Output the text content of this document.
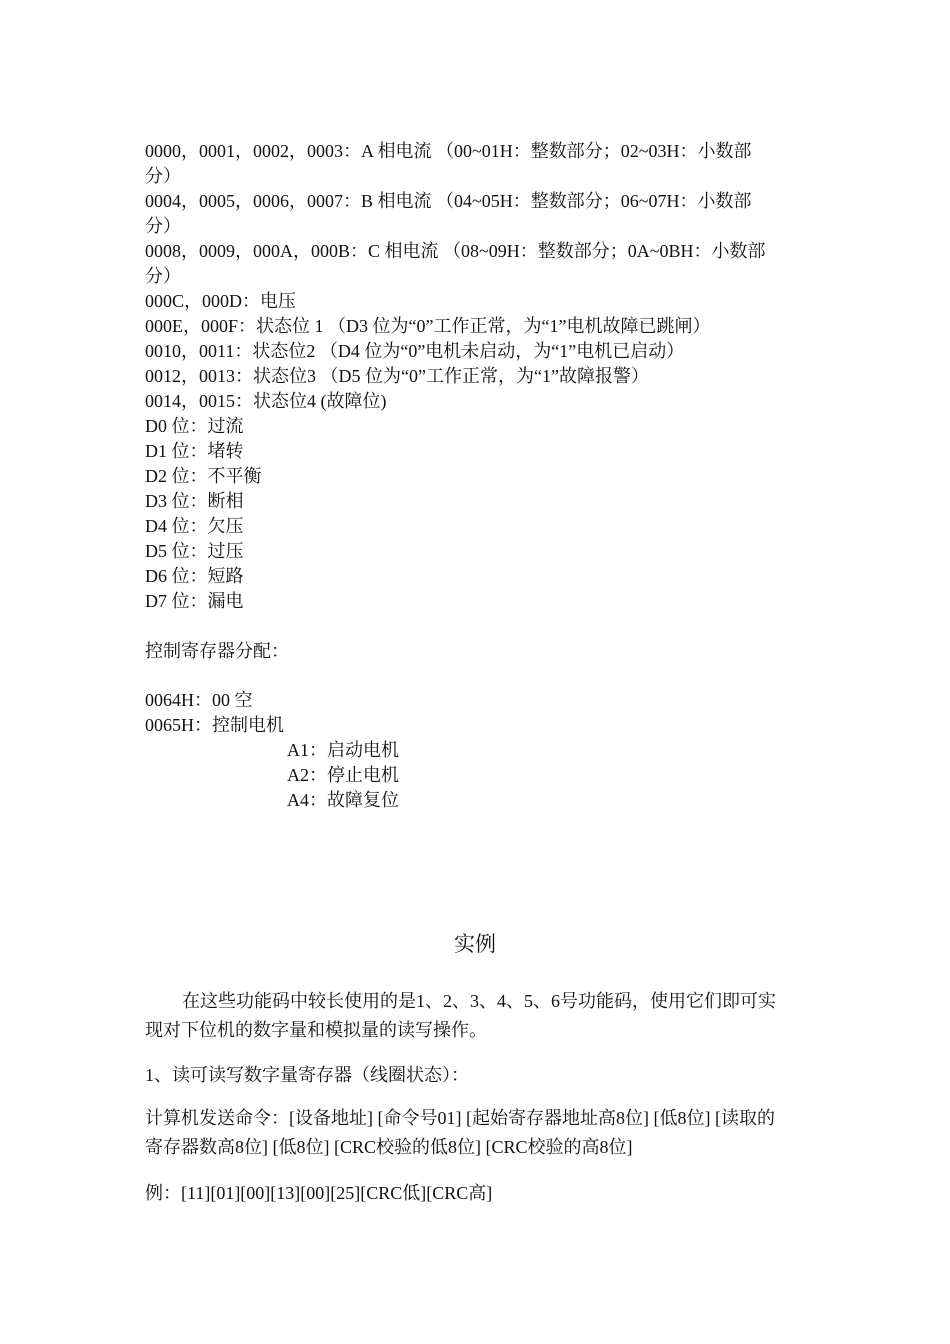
0000，0001，0002，0003：A 相电流 （00~01H：整数部分；02~03H：小数部
分）
0004，0005，0006，0007：B 相电流 （04~05H：整数部分；06~07H：小数部
分）
0008，0009，000A，000B：C 相电流 （08~09H：整数部分；0A~0BH：小数部
分）
000C，000D：电压
000E，000F：状态位 1 （D3 位为“0”工作正常，为“1”电机故障已跳闸）
0010，0011：状态位2 （D4 位为“0”电机未启动，为“1”电机已启动）
0012，0013：状态位3 （D5 位为“0”工作正常，为“1”故障报警）
0014，0015：状态位4 (故障位)
D0 位：过流
D1 位：堵转
D2 位：不平衡
D3 位：断相
D4 位：欠压
D5 位：过压
D6 位：短路
D7 位：漏电
控制寄存器分配：
0064H：00 空
0065H：控制电机
A1：启动电机
A2：停止电机
A4：故障复位
实例
在这些功能码中较长使用的是1、2、3、4、5、6号功能码，使用它们即可实
现对下位机的数字量和模拟量的读写操作。
1、读可读写数字量寄存器（线圈状态）：
计算机发送命令：[设备地址] [命令号01] [起始寄存器地址高8位] [低8位] [读取的
寄存器数高8位] [低8位] [CRC校验的低8位] [CRC校验的高8位]
例：[11][01][00][13][00][25][CRC低][CRC高]
